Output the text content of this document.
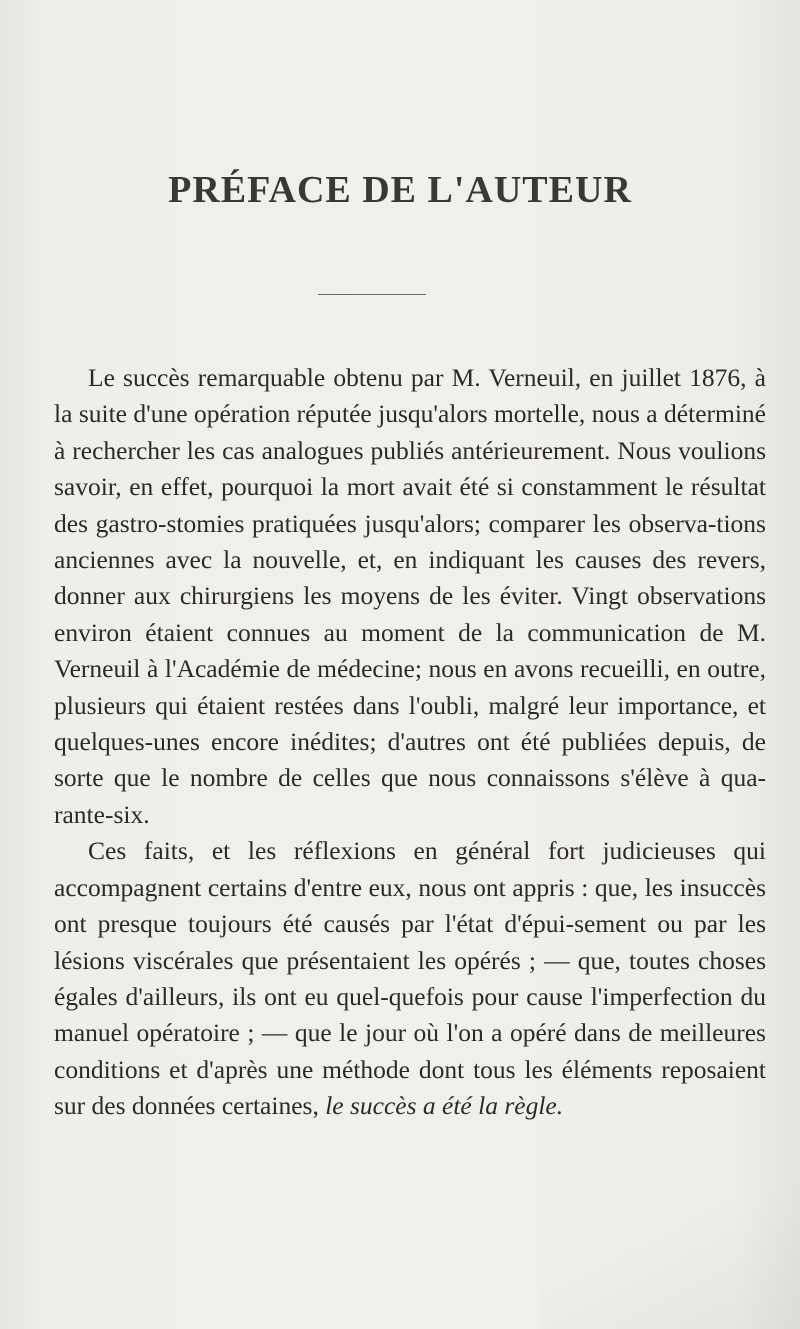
PRÉFACE DE L'AUTEUR

Le succès remarquable obtenu par M. Verneuil, en juillet 1876, à la suite d'une opération réputée jusqu'alors mortelle, nous a déterminé à rechercher les cas analogues publiés antérieurement. Nous voulions savoir, en effet, pourquoi la mort avait été si constamment le résultat des gastro-stomies pratiquées jusqu'alors; comparer les observa-tions anciennes avec la nouvelle, et, en indiquant les causes des revers, donner aux chirurgiens les moyens de les éviter. Vingt observations environ étaient connues au moment de la communication de M. Verneuil à l'Académie de médecine; nous en avons recueilli, en outre, plusieurs qui étaient restées dans l'oubli, malgré leur importance, et quelques-unes encore inédites; d'autres ont été publiées depuis, de sorte que le nombre de celles que nous connaissons s'élève à qua-rante-six.

Ces faits, et les réflexions en général fort judicieuses qui accompagnent certains d'entre eux, nous ont appris : que, les insuccès ont presque toujours été causés par l'état d'épui-sement ou par les lésions viscérales que présentaient les opérés ; — que, toutes choses égales d'ailleurs, ils ont eu quel-quefois pour cause l'imperfection du manuel opératoire ; — que le jour où l'on a opéré dans de meilleures conditions et d'après une méthode dont tous les éléments reposaient sur des données certaines, le succès a été la règle.
